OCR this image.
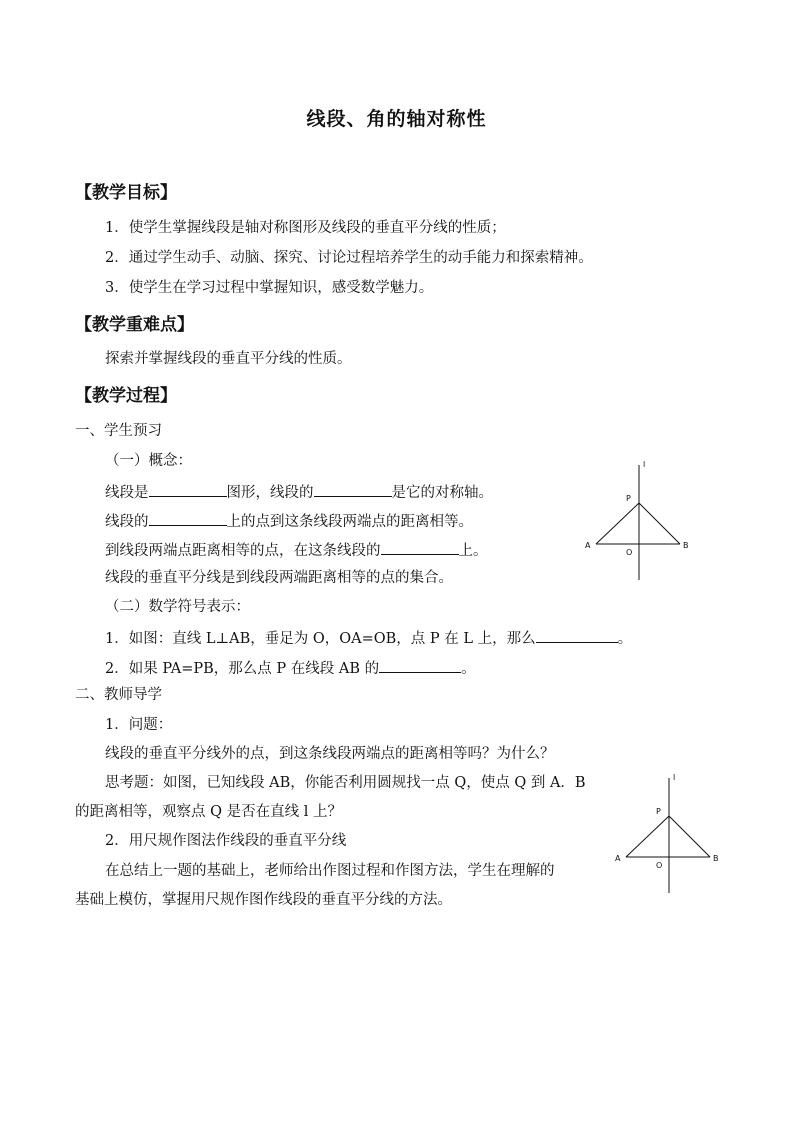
线段、角的轴对称性
【教学目标】
1．使学生掌握线段是轴对称图形及线段的垂直平分线的性质；
2．通过学生动手、动脑、探究、讨论过程培养学生的动手能力和探索精神。
3．使学生在学习过程中掌握知识，感受数学魅力。
【教学重难点】
探索并掌握线段的垂直平分线的性质。
【教学过程】
一、学生预习
（一）概念：
线段是	图形，线段的	是它的对称轴。
线段的	上的点到这条线段两端点的距离相等。
到线段两端点距离相等的点，在这条线段的	上。
线段的垂直平分线是到线段两端距离相等的点的集合。
（二）数学符号表示：
1．如图：直线 L⊥AB，垂足为 O，OA=OB，点 P 在 L 上，那么	。
2．如果 PA=PB，那么点 P 在线段 AB 的	。
二、教师导学
1．问题：
线段的垂直平分线外的点，到这条线段两端点的距离相等吗？为什么？
思考题：如图，已知线段 AB，你能否利用圆规找一点 Q，使点 Q 到 A．B
的距离相等，观察点 Q 是否在直线 l 上？
2．用尺规作图法作线段的垂直平分线
在总结上一题的基础上，老师给出作图过程和作图方法，学生在理解的
基础上模仿，掌握用尺规作图作线段的垂直平分线的方法。
l
P
A	B
O
l
P
A	B
O
